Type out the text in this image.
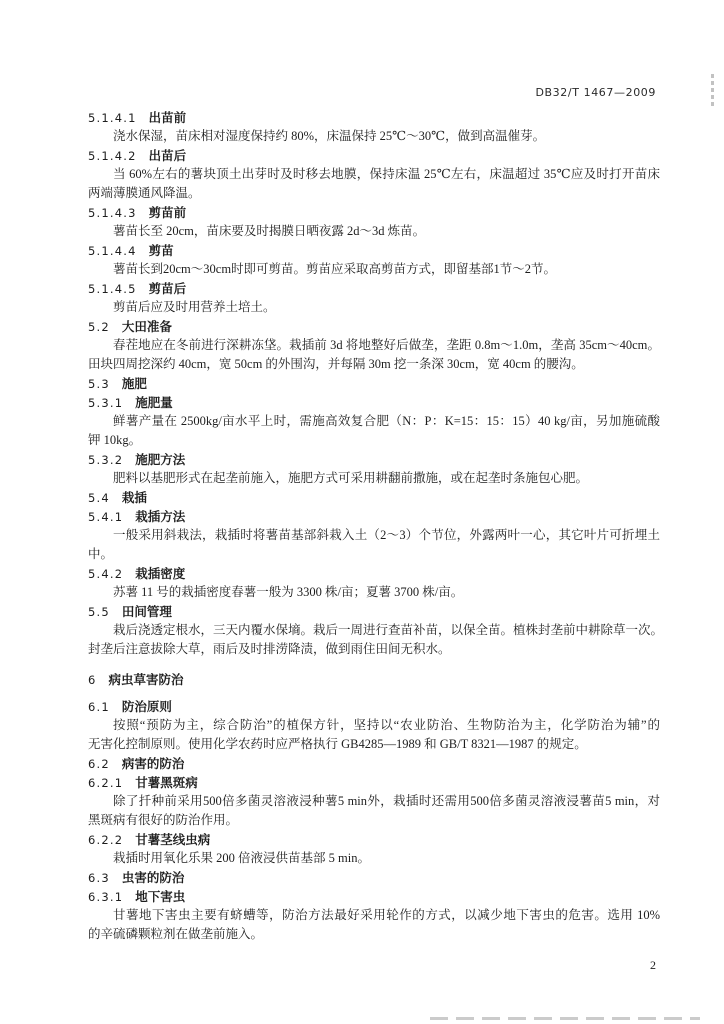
DB32/T 1467—2009
5.1.4.1 出苗前
浇水保湿，苗床相对湿度保持约 80%，床温保持 25℃～30℃，做到高温催芽。
5.1.4.2 出苗后
当 60%左右的薯块顶土出芽时及时移去地膜，保持床温 25℃左右，床温超过 35℃应及时打开苗床
两端薄膜通风降温。
5.1.4.3 剪苗前
薯苗长至 20cm，苗床要及时揭膜日晒夜露 2d～3d 炼苗。
5.1.4.4 剪苗
薯苗长到20cm～30cm时即可剪苗。剪苗应采取高剪苗方式，即留基部1节～2节。
5.1.4.5 剪苗后
剪苗后应及时用营养土培土。
5.2 大田准备
春茬地应在冬前进行深耕冻垡。栽插前 3d 将地整好后做垄，垄距 0.8m～1.0m，垄高 35cm～40cm。
田块四周挖深约 40cm，宽 50cm 的外围沟，并每隔 30m 挖一条深 30cm，宽 40cm 的腰沟。
5.3 施肥
5.3.1 施肥量
鲜薯产量在 2500kg/亩水平上时，需施高效复合肥（N：P：K=15：15：15）40 kg/亩，另加施硫酸
钾 10kg。
5.3.2 施肥方法
肥料以基肥形式在起垄前施入，施肥方式可采用耕翻前撒施，或在起垄时条施包心肥。
5.4 栽插
5.4.1 栽插方法
一般采用斜栽法，栽插时将薯苗基部斜栽入土（2～3）个节位，外露两叶一心，其它叶片可折埋土
中。
5.4.2 栽插密度
苏薯 11 号的栽插密度春薯一般为 3300 株/亩；夏薯 3700 株/亩。
5.5 田间管理
栽后浇透定根水，三天内覆水保墒。栽后一周进行查苗补苗，以保全苗。植株封垄前中耕除草一次。
封垄后注意拔除大草，雨后及时排涝降渍，做到雨住田间无积水。
6 病虫草害防治
6.1 防治原则
按照“预防为主，综合防治”的植保方针，坚持以“农业防治、生物防治为主，化学防治为辅”的
无害化控制原则。使用化学农药时应严格执行 GB4285—1989 和 GB/T 8321—1987 的规定。
6.2 病害的防治
6.2.1 甘薯黑斑病
除了扦种前采用500倍多菌灵溶液浸种薯5 min外，栽插时还需用500倍多菌灵溶液浸薯苗5 min，对
黑斑病有很好的防治作用。
6.2.2 甘薯茎线虫病
栽插时用氧化乐果 200 倍液浸供苗基部 5 min。
6.3 虫害的防治
6.3.1 地下害虫
甘薯地下害虫主要有蛴螬等，防治方法最好采用轮作的方式，以减少地下害虫的危害。选用 10%
的辛硫磷颗粒剂在做垄前施入。
2
